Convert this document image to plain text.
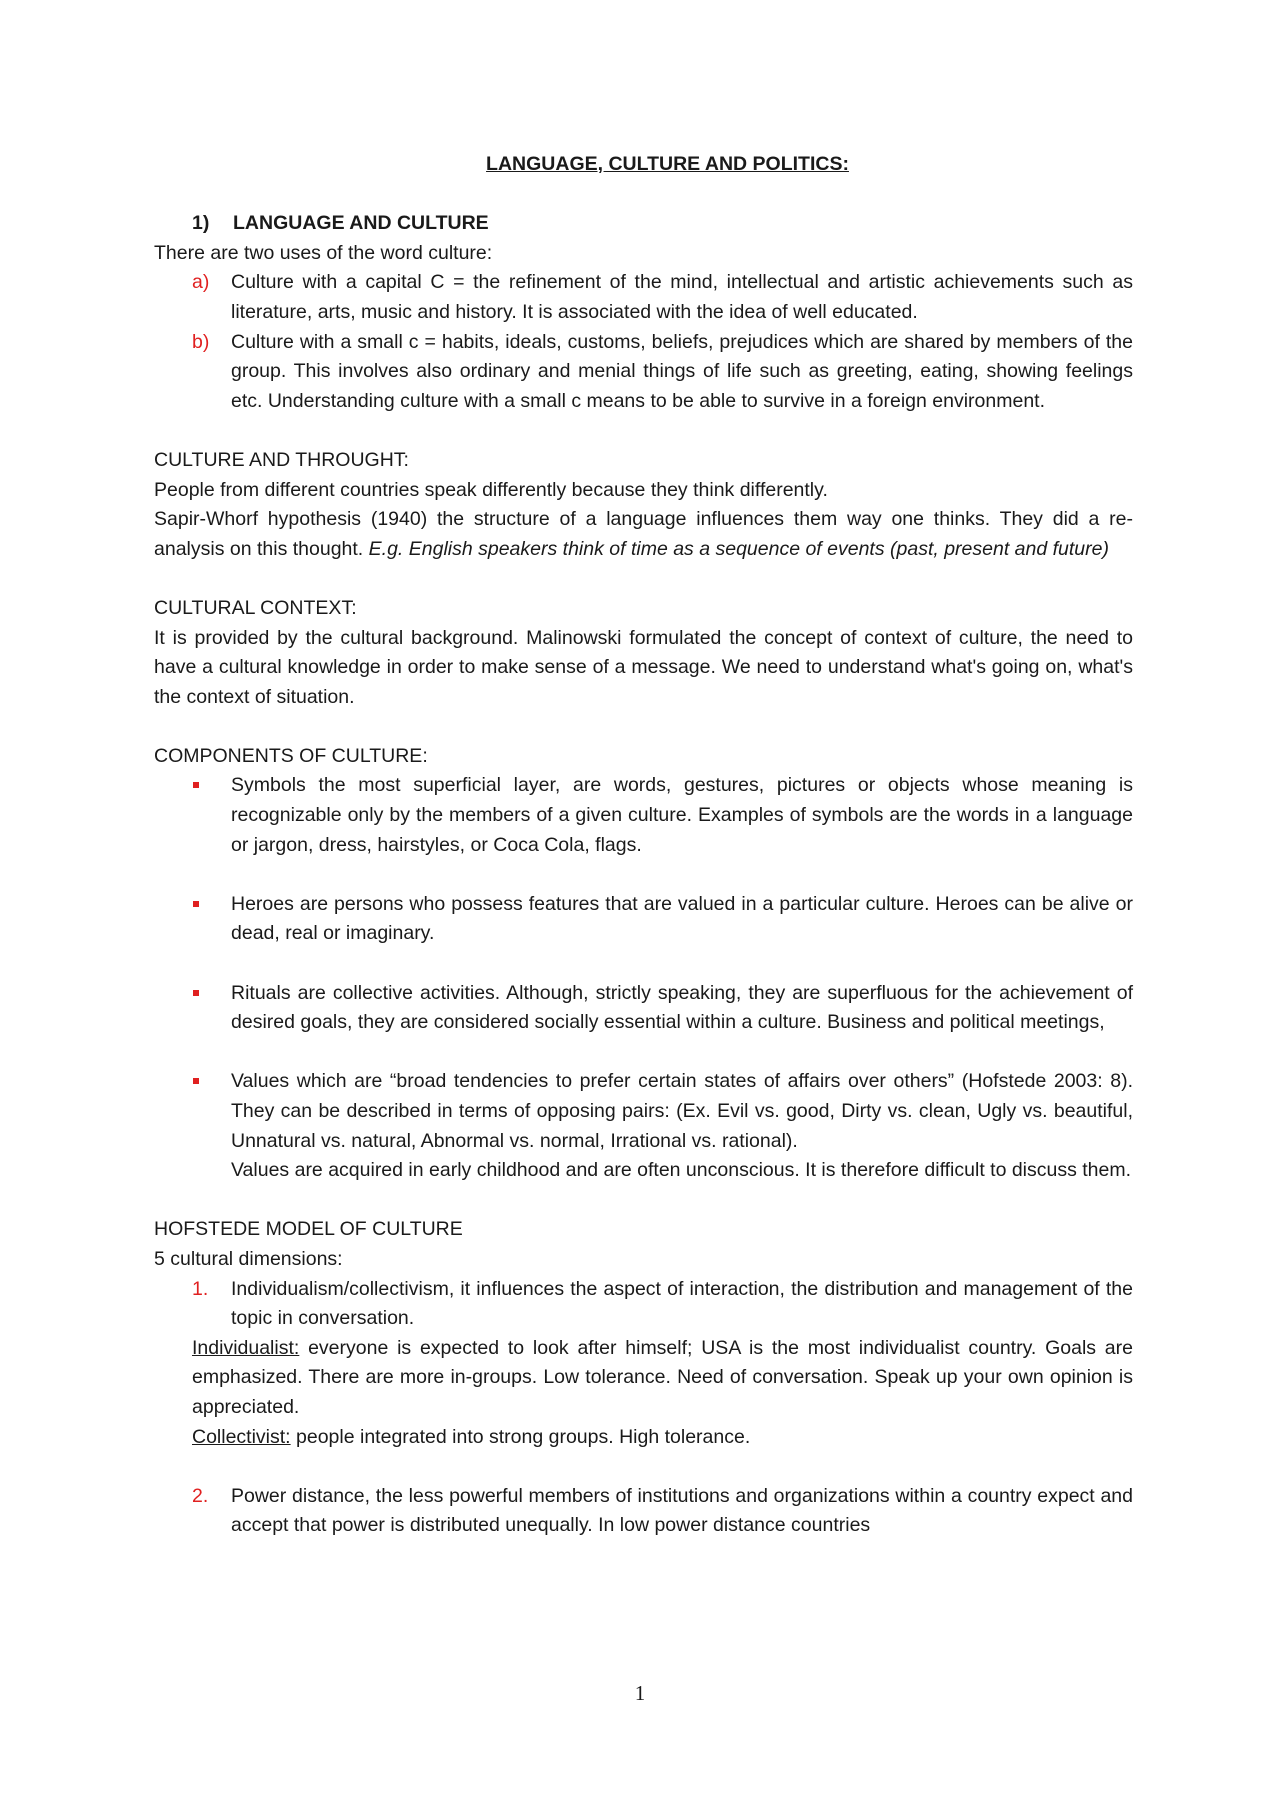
LANGUAGE, CULTURE AND POLITICS:
1) LANGUAGE AND CULTURE

There are two uses of the word culture:

a) Culture with a capital C = the refinement of the mind, intellectual and artistic achievements such as literature, arts, music and history. It is associated with the idea of well educated.
b) Culture with a small c = habits, ideals, customs, beliefs, prejudices which are shared by members of the group. This involves also ordinary and menial things of life such as greeting, eating, showing feelings etc. Understanding culture with a small c means to be able to survive in a foreign environment.

CULTURE AND THROUGHT:

People from different countries speak differently because they think differently.

Sapir-Whorf hypothesis (1940) the structure of a language influences them way one thinks. They did a re-analysis on this thought. E.g. English speakers think of time as a sequence of events (past, present and future)

CULTURAL CONTEXT:

It is provided by the cultural background. Malinowski formulated the concept of context of culture, the need to have a cultural knowledge in order to make sense of a message. We need to understand what's going on, what's the context of situation.

COMPONENTS OF CULTURE:

Symbols the most superficial layer, are words, gestures, pictures or objects whose meaning is recognizable only by the members of a given culture. Examples of symbols are the words in a language or jargon, dress, hairstyles, or Coca Cola, flags.
Heroes are persons who possess features that are valued in a particular culture. Heroes can be alive or dead, real or imaginary.
Rituals are collective activities. Although, strictly speaking, they are superfluous for the achievement of desired goals, they are considered socially essential within a culture. Business and political meetings,
Values which are “broad tendencies to prefer certain states of affairs over others” (Hofstede 2003: 8). They can be described in terms of opposing pairs: (Ex. Evil vs. good, Dirty vs. clean, Ugly vs. beautiful, Unnatural vs. natural, Abnormal vs. normal, Irrational vs. rational).
Values are acquired in early childhood and are often unconscious. It is therefore difficult to discuss them.

HOFSTEDE MODEL OF CULTURE

5 cultural dimensions:

1. Individualism/collectivism, it influences the aspect of interaction, the distribution and management of the topic in conversation.

Individualist: everyone is expected to look after himself; USA is the most individualist country. Goals are emphasized. There are more in-groups. Low tolerance. Need of conversation. Speak up your own opinion is appreciated.

Collectivist: people integrated into strong groups. High tolerance.

2. Power distance, the less powerful members of institutions and organizations within a country expect and accept that power is distributed unequally. In low power distance countries
1
